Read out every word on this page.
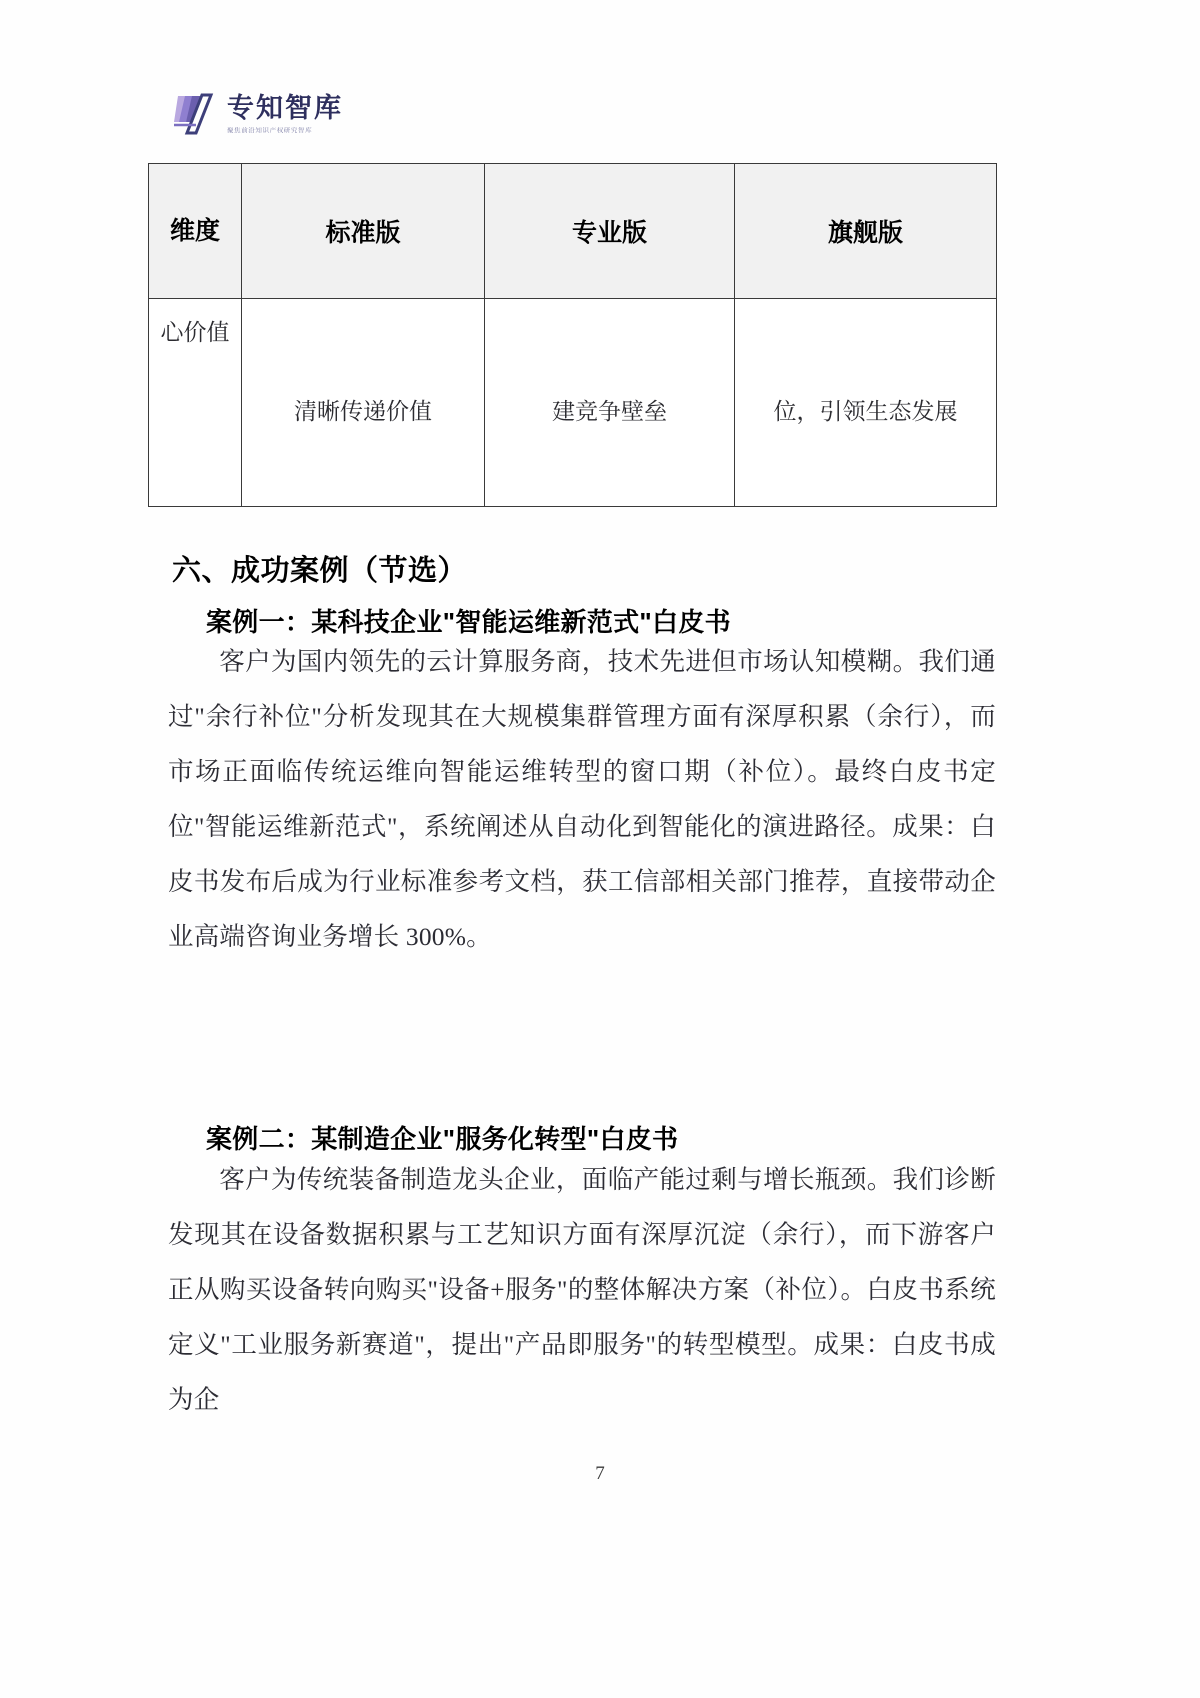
专知智库
聚焦前沿知识产权研究智库
维度	标准版	专业版	旗舰版

心价值	清晰传递价值	建竞争壁垒	位，引领生态发展
六、成功案例（节选）
案例一：某科技企业"智能运维新范式"白皮书
客户为国内领先的云计算服务商，技术先进但市场认知模糊。我们通过"余行补位"分析发现其在大规模集群管理方面有深厚积累（余行），而市场正面临传统运维向智能运维转型的窗口期（补位）。最终白皮书定位"智能运维新范式"，系统阐述从自动化到智能化的演进路径。成果：白皮书发布后成为行业标准参考文档，获工信部相关部门推荐，直接带动企业高端咨询业务增长 300%。
案例二：某制造企业"服务化转型"白皮书
客户为传统装备制造龙头企业，面临产能过剩与增长瓶颈。我们诊断发现其在设备数据积累与工艺知识方面有深厚沉淀（余行），而下游客户正从购买设备转向购买"设备+服务"的整体解决方案（补位）。白皮书系统定义"工业服务新赛道"，提出"产品即服务"的转型模型。成果：白皮书成为企
7
